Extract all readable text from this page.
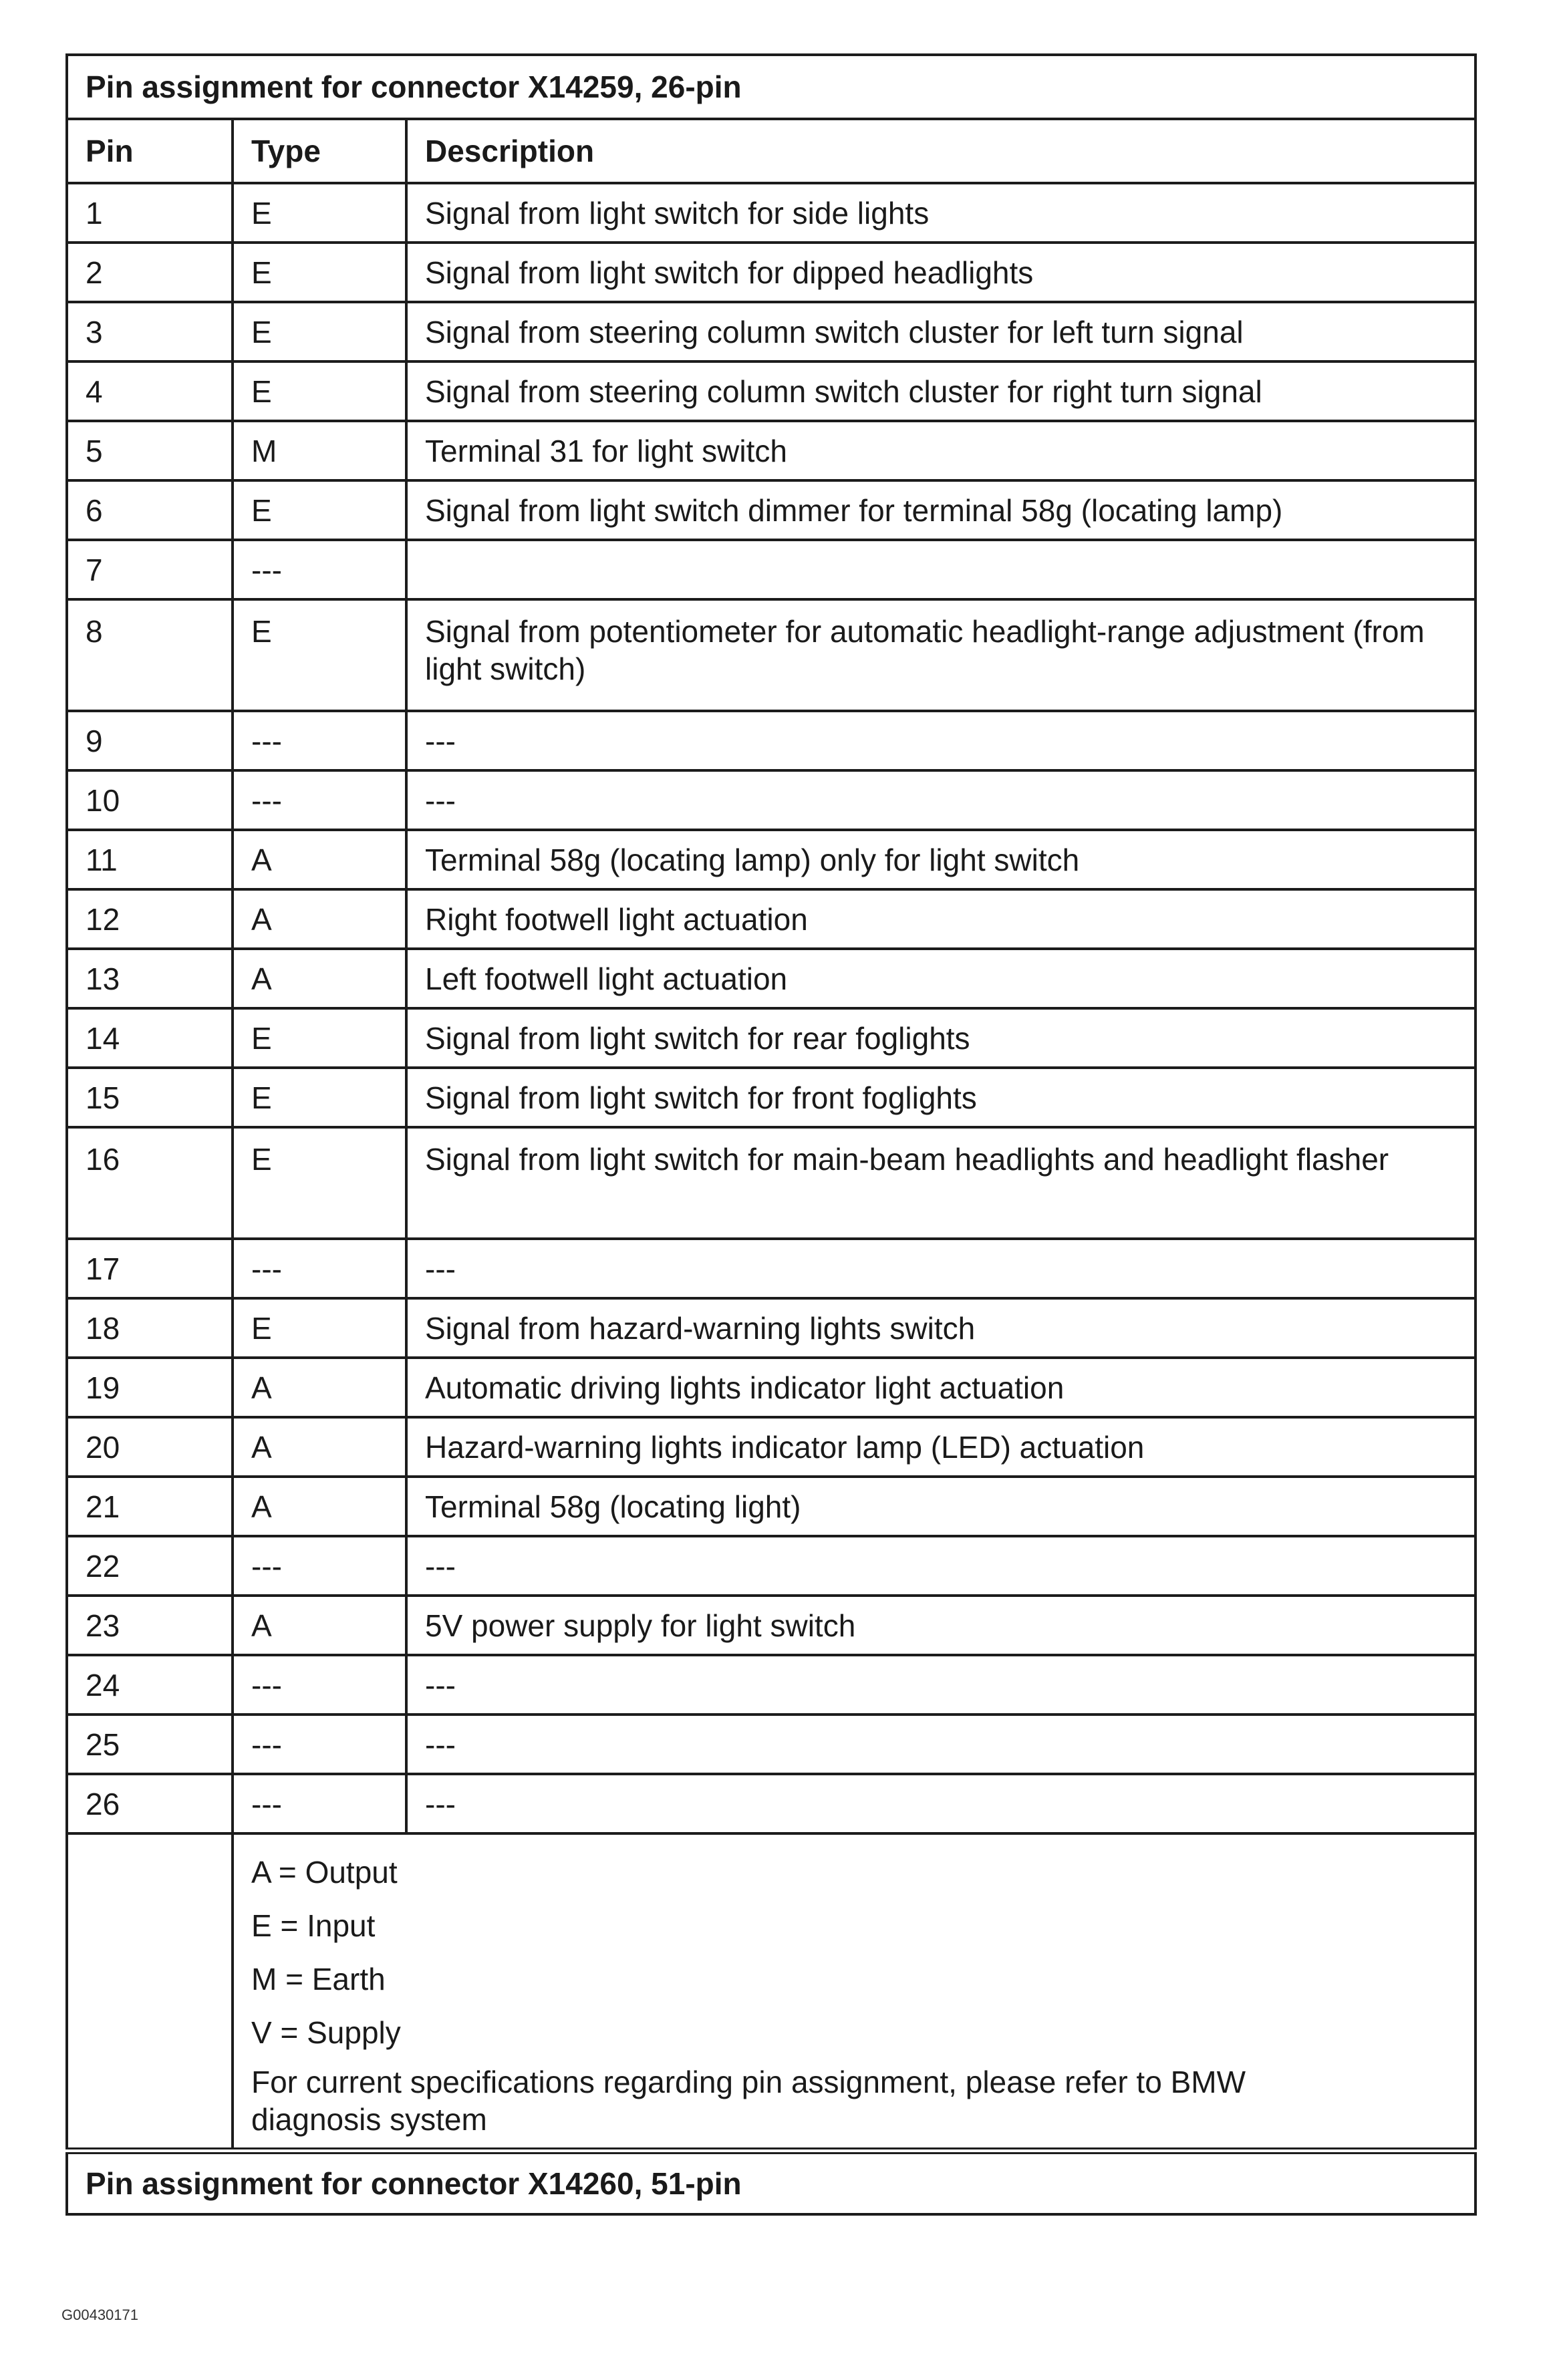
Pin assignment for connector X14259, 26-pin		
Pin	Type	Description
1	E	Signal from light switch for side lights
2	E	Signal from light switch for dipped headlights
3	E	Signal from steering column switch cluster for left turn signal
4	E	Signal from steering column switch cluster for right turn signal
5	M	Terminal 31 for light switch
6	E	Signal from light switch dimmer for terminal 58g (locating lamp)
7	---	
8	E	Signal from potentiometer for automatic headlight-range adjustment (from light switch)
9	---	---
10	---	---
11	A	Terminal 58g (locating lamp) only for light switch
12	A	Right footwell light actuation
13	A	Left footwell light actuation
14	E	Signal from light switch for rear foglights
15	E	Signal from light switch for front foglights
16	E	Signal from light switch for main-beam headlights and headlight flasher
17	---	---
18	E	Signal from hazard-warning lights switch
19	A	Automatic driving lights indicator light actuation
20	A	Hazard-warning lights indicator lamp (LED) actuation
21	A	Terminal 58g (locating light)
22	---	---
23	A	5V power supply for light switch
24	---	---
25	---	---
26	---	---

	A = Output
E = Input
M = Earth
V = Supply
For current specifications regarding pin assignment, please refer to BMW diagnosis system	

Pin assignment for connector X14260, 51-pin		
G00430171
